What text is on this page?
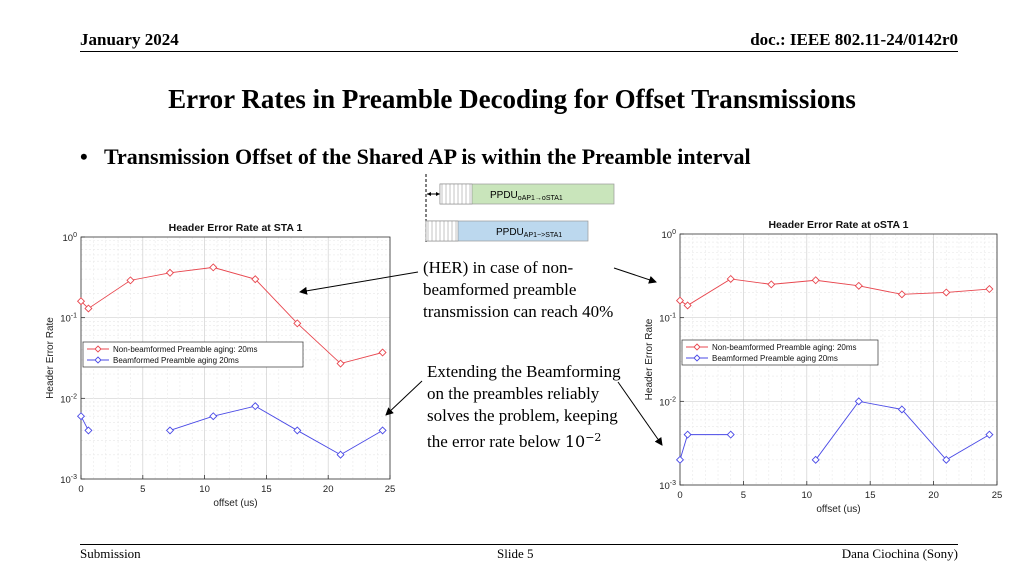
January 2024	doc.: IEEE 802.11-24/0142r0
Error Rates in Preamble Decoding for Offset Transmissions
• Transmission Offset of the Shared AP is within the Preamble interval
$PPDU_{oAP1\to oSTA1}$
$PPDU_{AP1->STA1}$
0	5	10	15	20	25
$10^0$
$10^{-1}$
$10^{-2}$
$10^{-3}$
Header Error Rate at STA 1
offset (us)
Header Error Rate	Non-beamformed Preamble aging: 20ms
Beamformed Preamble aging 20ms
0	5	10	15	20	25
$10^0$
$10^{-1}$
$10^{-2}$
$10^{-3}$
Header Error Rate at oSTA 1
offset (us)
Header Error Rate	Non-beamformed Preamble aging: 20ms
Beamformed Preamble aging 20ms
(HER) in case of non-beamformed preamble transmission can reach 40%
Extending the Beamforming on the preambles reliably solves the problem, keeping the error rate below $10^{-2}$
Submission	Slide 5	Dana Ciochina (Sony)
